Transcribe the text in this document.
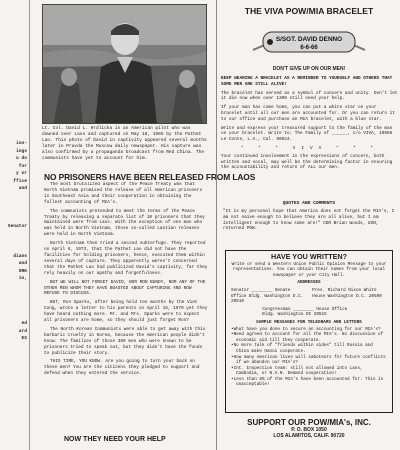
ion-
ings
u do
for
y or
ffice
and

Senator

dians
and
ORK
in,

ed
ard
ES
Lt. Col. David L. Hrdlicka is an American pilot who was downed over Laos and captured on May 18, 1965 by the Pathet Lao. This photo of David in captivity appeared several months later in Pravda the Moscow daily newspaper. His capture was also confirmed by a propaganda broadcast from Red China. The communists have yet to account for him.
NO PRISONERS HAVE BEEN RELEASED FROM LAOS

The most brutalized aspect of the Peace Treaty was that North Vietnam promised the release of all American prisoners in Southeast Asia and their cooperation in obtaining the fullest accounting of MIA's.

The communists pretended to meet the terms of the Peace Treaty by releasing a separate list of 10 prisoners that they maintained were from Laos. With the exception of one man who was held in North Vietnam, those so-called Laotian releases were held in North Vietnam.

North Vietnam then tried a second subterfuge. They reported on April 6, 1973, that the Pathet Lao did not have the facilities for holding prisoners, hence, executed them within several days of capture. They apparently weren't concerned that the Pathet Lao had publicized David's captivity, far they rely heavily on our apathy and forgetfulness.

BUT WE WILL NOT FORGET DAVID, NOR RON BUNDY, NOR ANY OF THE OTHER MEN WHOM THEY HAVE BOASTED ABOUT CAPTURING AND NOW REFUSE TO DISCUSS.

BUT, Ron Sparks, after being held ten months by the Viet Cong, wrote a letter to his parents on April 15, 1970 yet they have heard nothing more. Mr. and Mrs. Sparks were to expect all prisoners are home, so they should just forget Ron?

The North Korean Communists were able to get away with this barbaric cruelty in Korea, because the American people didn't know. The families of those 389 men who were known to be prisoners tried to speak out, but they didn't have the funds to publicize their story.

THIS TIME, YOU KNOW. Are you going to turn your back on these men? You are the citizens they pledged to support and defend when they entered the service.

NOW THEY NEED YOUR HELP
THE VIVA POW/MIA BRACELET
S/SGT. DAVID DENNO
6-6-66
DON'T GIVE UP ON OUR MEN!

KEEP WEARING A BRACELET AS A REMINDER TO YOURSELF AND OTHERS THAT SOME MEN ARE STILL ALIVE!

The bracelet has served as a symbol of concern and unity. Don't let it die now when over 1300 still need your help.

If your man has come home, you can put a white star on your bracelet until all our men are accounted for. Or you can return it to our office and purchase an MIA bracelet, with a blue star.

Write and express your treasured support to the family of the man on your bracelet. Write to: The Family of ______, c/o VIVA, 10966 Le Conte, L.A., Cal. 90024.

* * * VIVA * * *

Your continued involvement in the expressions of concern, both written and vocal, may well be the determining factor in ensuring the accountability and return of ALL our men.

QUOTES AND COMMENTS
"It is my personal hope that America does not forget the MIA's, I am not naive enough to believe they are all alive, but I am intelligent enough to know some are!" CDR Brian Woods, USN, returned POW.
HAVE YOU WRITTEN?
Write or send a Western Union Public Opinion Message to your representatives. You can obtain their names from your local newspaper or your City Hall.
ADDRESSES
Senator ________ Senate Office Bldg. Washington D.C. 20510
Pres. Richard Nixon White House Washington D.C. 20500
Congressman ________ House Office Bldg. Washington DC 20515
SAMPLE MESSAGES FOR TELEGRAMS AND LETTERS
• What have you done to secure an accounting for our MIA's?
• Need agreed to account for all the MIA's. No discussion of economic aid till they cooperate.
• No more talk of "friends within sides" till Russia and China make Hanoi cooperate.
• How many American lives will saboteurs for future conflicts if we abandon our MIA's?
• Int. Inspection team: still not allowed into Laos, Cambodia, or N.V.N. Demand cooperation!
• Less than 8% of the MIA's have been accounted for. This is unacceptable!
SUPPORT OUR POW/MIA's, INC.
P. O. BOX 1050
LOS ALAMITOS, CALIF. 90720
